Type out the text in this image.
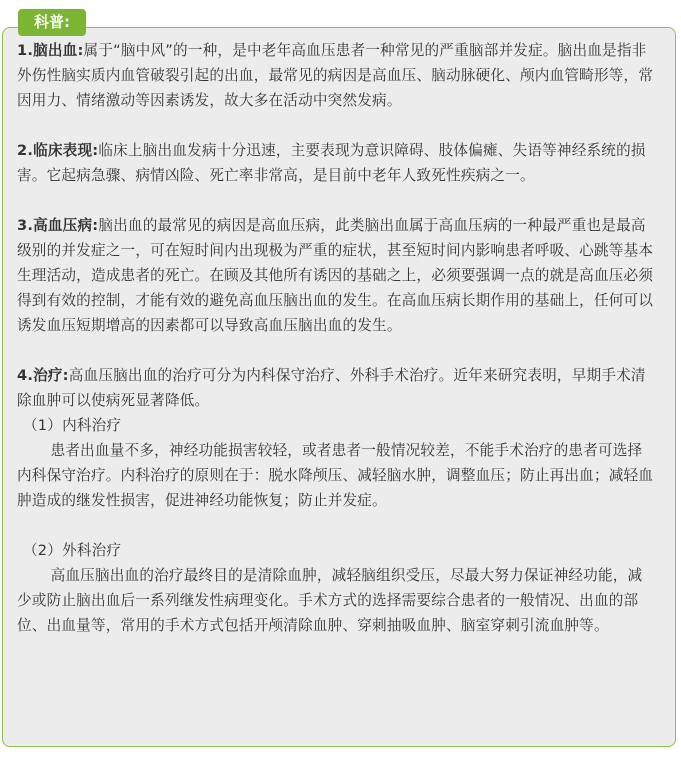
科普:

1.脑出血:属于“脑中风”的一种，是中老年高血压患者一种常见的严重脑部并发症。脑出血是指非外伤性脑实质内血管破裂引起的出血，最常见的病因是高血压、脑动脉硬化、颅内血管畸形等，常因用力、情绪激动等因素诱发，故大多在活动中突然发病。

2.临床表现:临床上脑出血发病十分迅速，主要表现为意识障碍、肢体偏瘫、失语等神经系统的损害。它起病急骤、病情凶险、死亡率非常高，是目前中老年人致死性疾病之一。

3.高血压病:脑出血的最常见的病因是高血压病，此类脑出血属于高血压病的一种最严重也是最高级别的并发症之一，可在短时间内出现极为严重的症状，甚至短时间内影响患者呼吸、心跳等基本生理活动，造成患者的死亡。在顾及其他所有诱因的基础之上，必须要强调一点的就是高血压必须得到有效的控制，才能有效的避免高血压脑出血的发生。在高血压病长期作用的基础上，任何可以诱发血压短期增高的因素都可以导致高血压脑出血的发生。

4.治疗:高血压脑出血的治疗可分为内科保守治疗、外科手术治疗。近年来研究表明，早期手术清除血肿可以使病死显著降低。

（1）内科治疗

患者出血量不多，神经功能损害较轻，或者患者一般情况较差，不能手术治疗的患者可选择内科保守治疗。内科治疗的原则在于：脱水降颅压、减轻脑水肿，调整血压；防止再出血；减轻血肿造成的继发性损害，促进神经功能恢复；防止并发症。

（2）外科治疗

高血压脑出血的治疗最终目的是清除血肿，减轻脑组织受压，尽最大努力保证神经功能，减少或防止脑出血后一系列继发性病理变化。手术方式的选择需要综合患者的一般情况、出血的部位、出血量等，常用的手术方式包括开颅清除血肿、穿刺抽吸血肿、脑室穿刺引流血肿等。
